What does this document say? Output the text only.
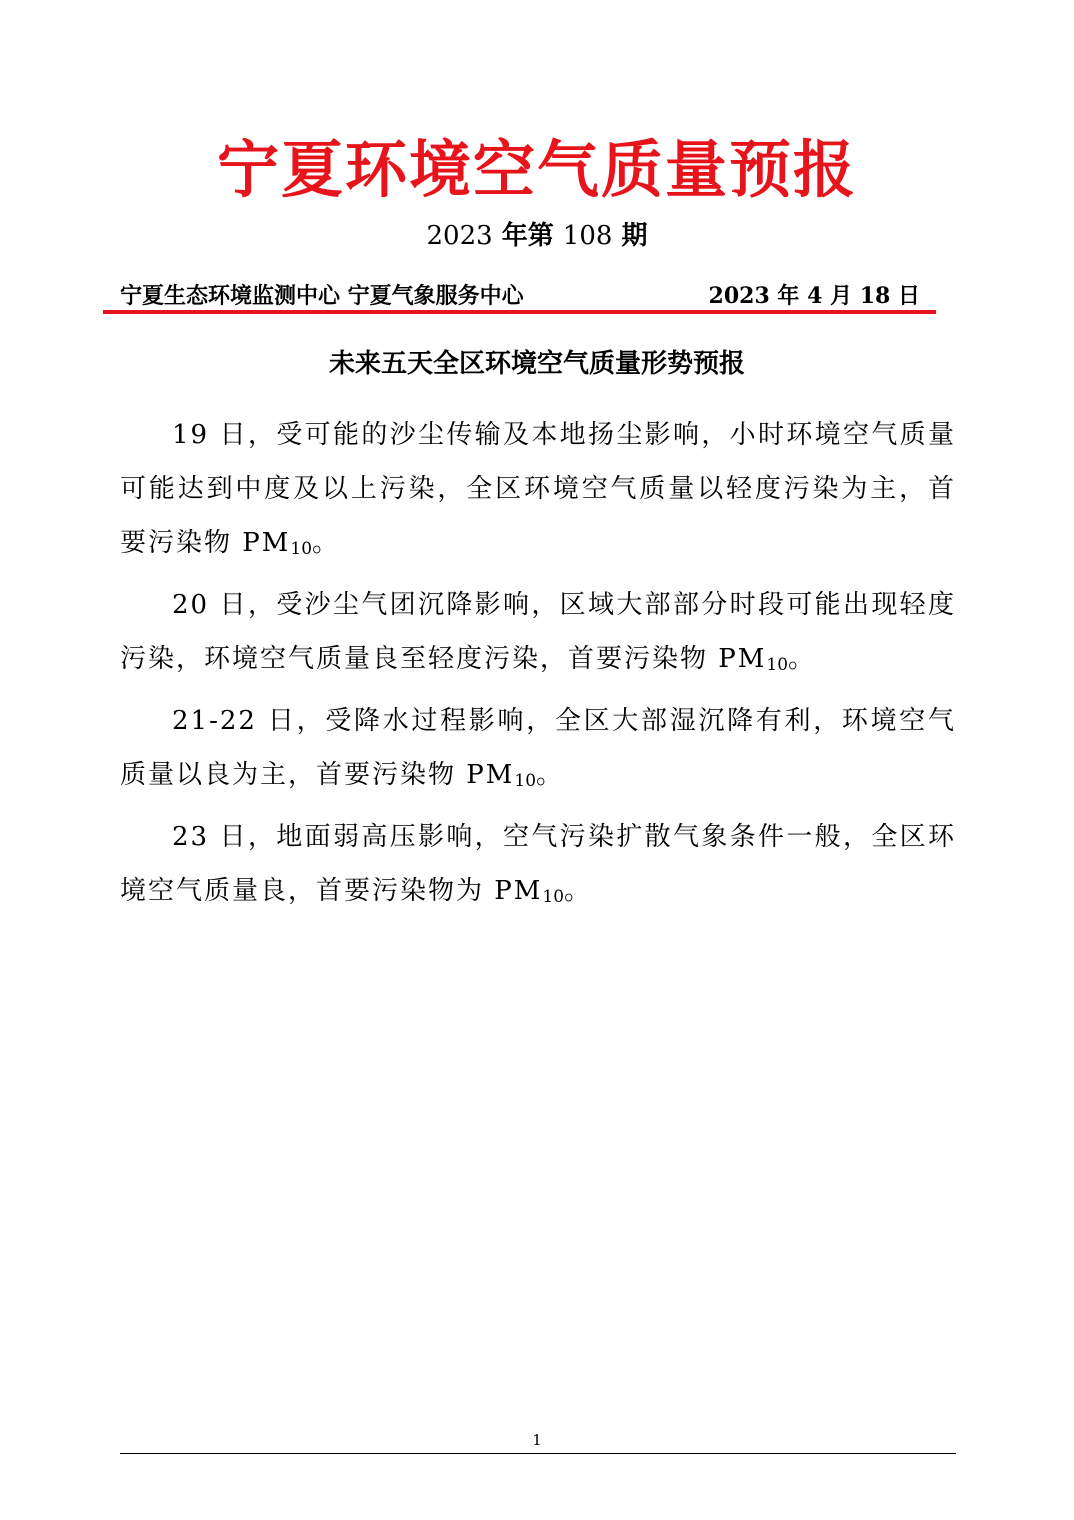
宁夏环境空气质量预报
2023 年第 108 期
宁夏生态环境监测中心 宁夏气象服务中心	2023 年 4 月 18 日
未来五天全区环境空气质量形势预报

19 日，受可能的沙尘传输及本地扬尘影响，小时环境空气质量可能达到中度及以上污染，全区环境空气质量以轻度污染为主，首要污染物 PM10。

20 日，受沙尘气团沉降影响，区域大部部分时段可能出现轻度污染，环境空气质量良至轻度污染，首要污染物 PM10。

21-22 日，受降水过程影响，全区大部湿沉降有利，环境空气质量以良为主，首要污染物 PM10。

23 日，地面弱高压影响，空气污染扩散气象条件一般，全区环境空气质量良，首要污染物为 PM10。

1
